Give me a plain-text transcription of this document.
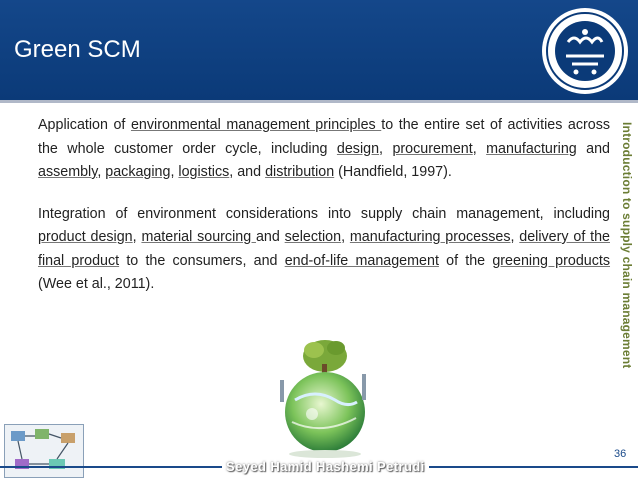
Green SCM

Application of environmental management principles to the entire set of activities across the whole customer order cycle, including design, procurement, manufacturing and assembly, packaging, logistics, and distribution (Handfield, 1997).

Integration of environment considerations into supply chain management, including product design, material sourcing and selection, manufacturing processes, delivery of the final product to the consumers, and end-of-life management of the greening products (Wee et al., 2011).	Introduction to supply chain management
Seyed Hamid Hashemi Petrudi
36
